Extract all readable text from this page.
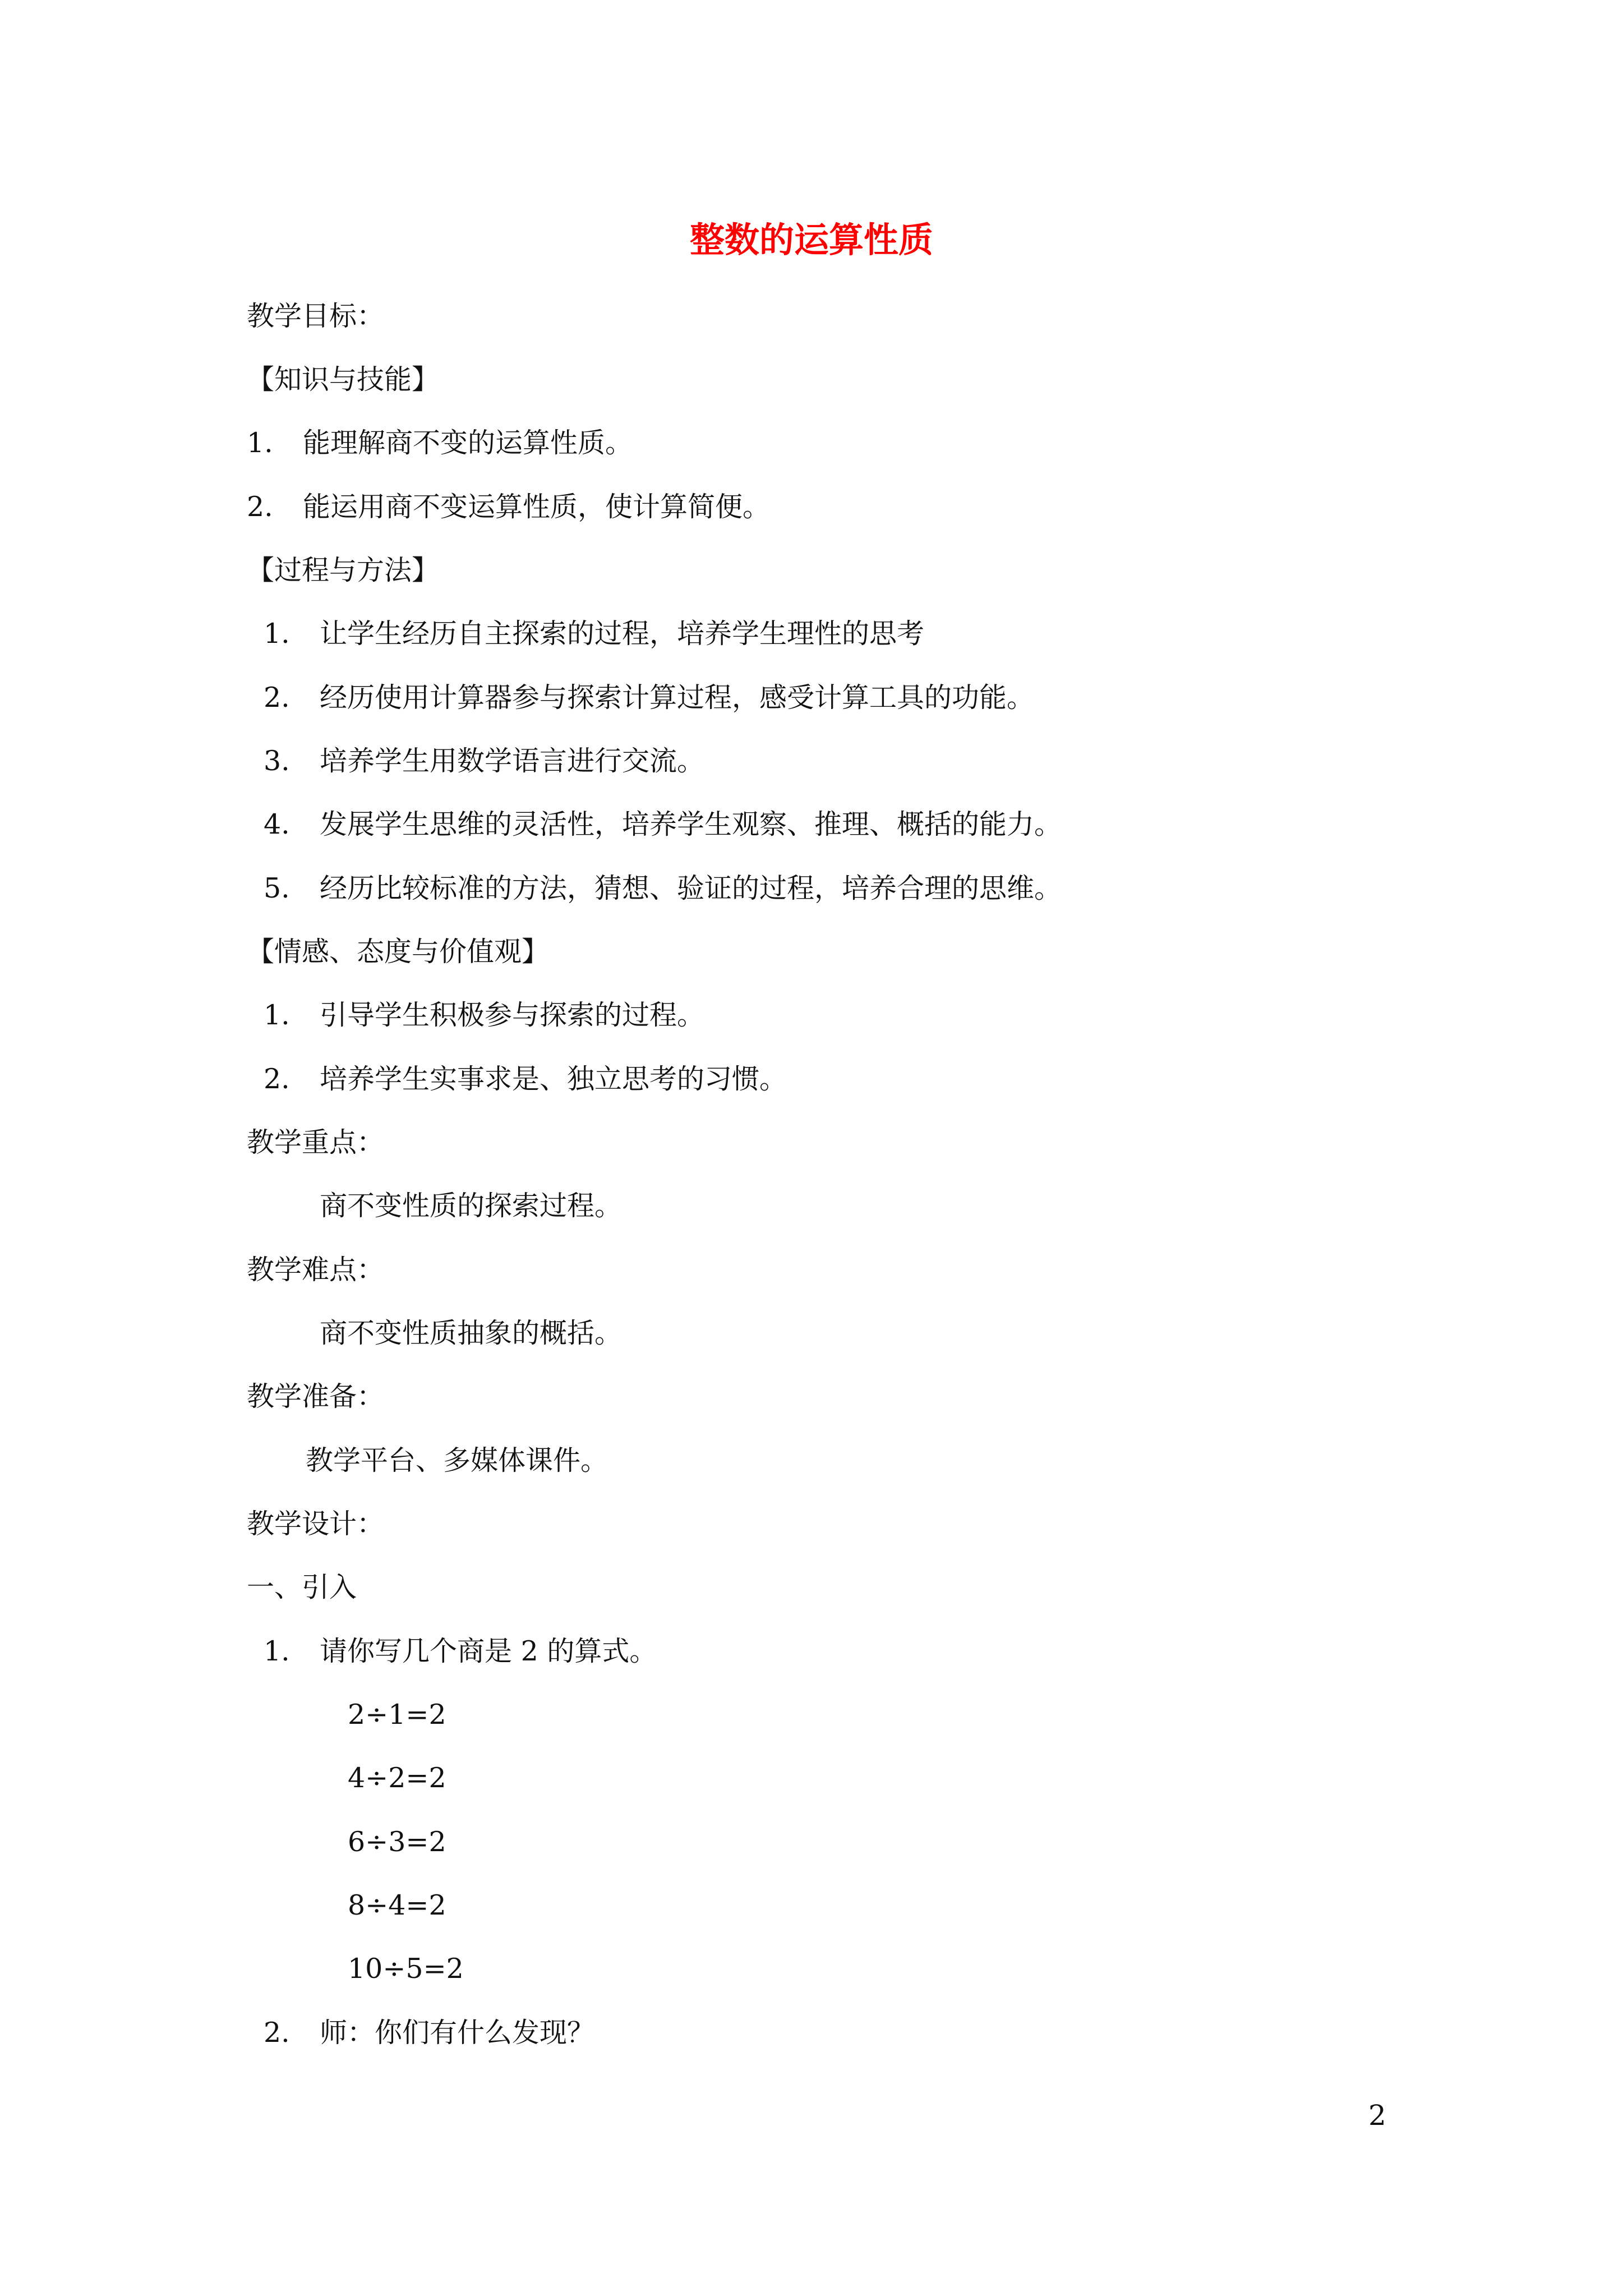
整数的运算性质
教学目标：
【知识与技能】
1. 能理解商不变的运算性质。
2. 能运用商不变运算性质，使计算简便。
【过程与方法】
1. 让学生经历自主探索的过程，培养学生理性的思考
2. 经历使用计算器参与探索计算过程，感受计算工具的功能。
3. 培养学生用数学语言进行交流。
4. 发展学生思维的灵活性，培养学生观察、推理、概括的能力。
5. 经历比较标准的方法，猜想、验证的过程，培养合理的思维。
【情感、态度与价值观】
1. 引导学生积极参与探索的过程。
2. 培养学生实事求是、独立思考的习惯。
教学重点：
商不变性质的探索过程。
教学难点：
商不变性质抽象的概括。
教学准备：
教学平台、多媒体课件。
教学设计：
一、引入
1. 请你写几个商是 2 的算式。
2÷1=2
4÷2=2
6÷3=2
8÷4=2
10÷5=2
2. 师：你们有什么发现？
2
